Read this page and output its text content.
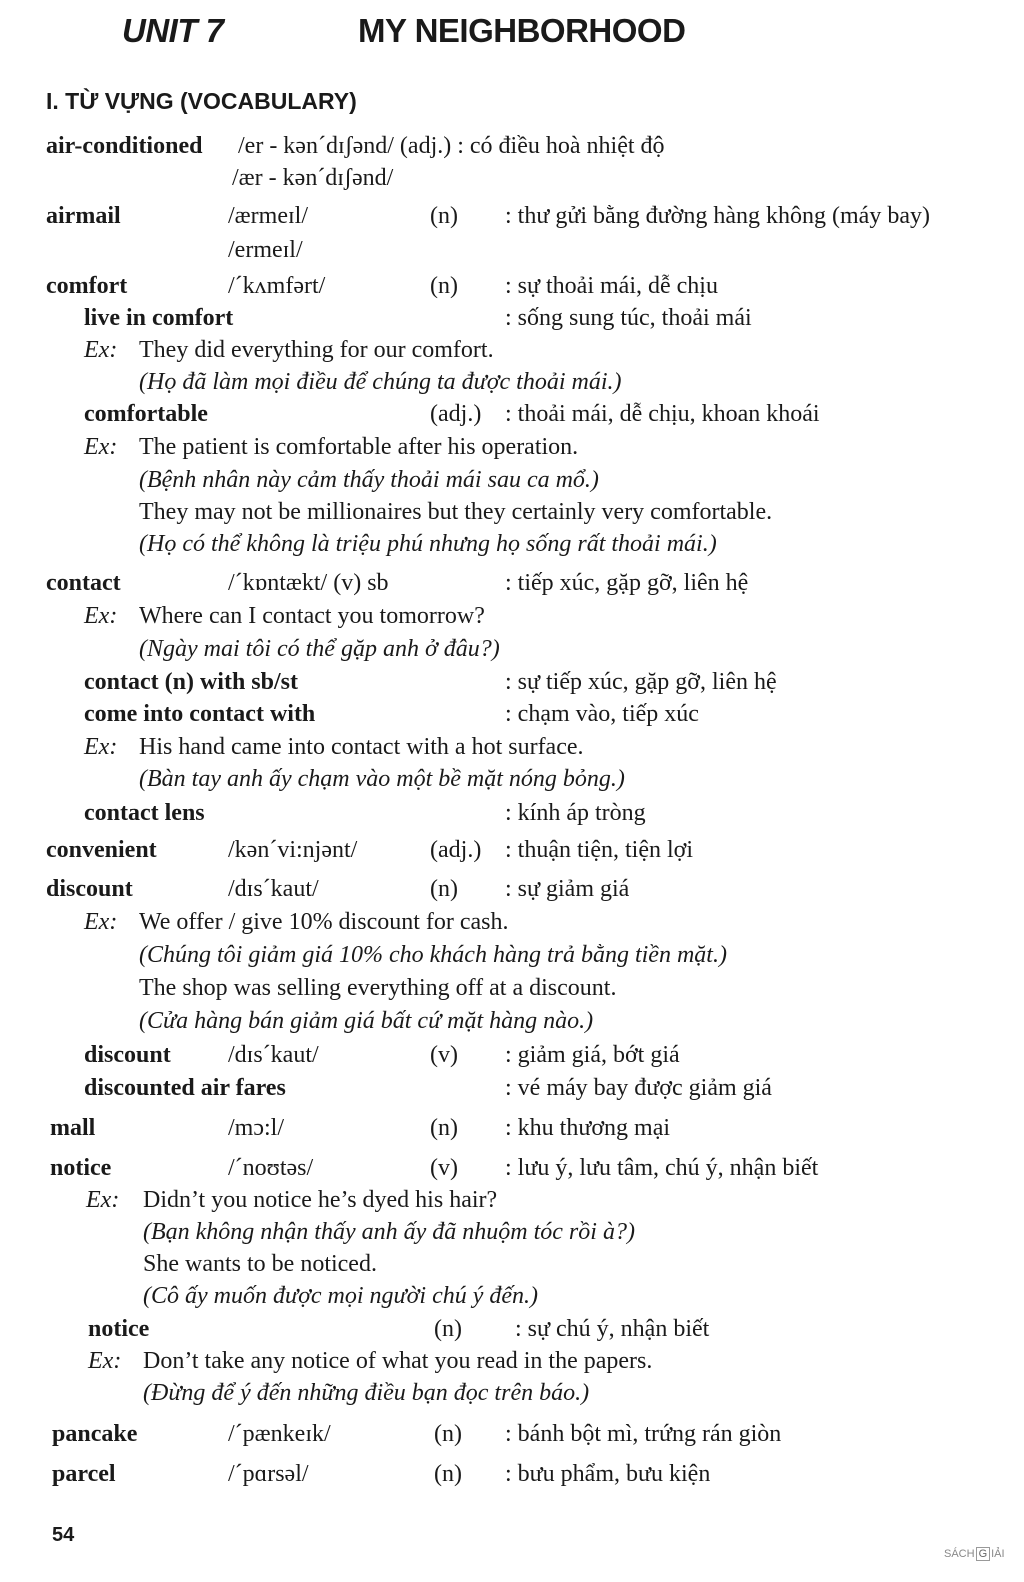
UNIT 7	MY NEIGHBORHOOD
I. TỪ VỰNG (VOCABULARY)
air-conditioned /er - kən´dɪʃənd/ (adj.) : có điều hoà nhiệt độ
/ær - kən´dɪʃənd/
airmail	/ærmeɪl/	(n) : thư gửi bằng đường hàng không (máy bay)
/ermeɪl/
comfort	/´kʌmfərt/	(n) : sự thoải mái, dễ chịu
live in comfort	: sống sung túc, thoải mái
Ex: They did everything for our comfort.
(Họ đã làm mọi điều để chúng ta được thoải mái.)
comfortable	(adj.) : thoải mái, dễ chịu, khoan khoái
Ex: The patient is comfortable after his operation.
(Bệnh nhân này cảm thấy thoải mái sau ca mổ.)
They may not be millionaires but they certainly very comfortable.
(Họ có thể không là triệu phú nhưng họ sống rất thoải mái.)
contact	/´kɒntækt/ (v) sb	: tiếp xúc, gặp gỡ, liên hệ
Ex: Where can I contact you tomorrow?
(Ngày mai tôi có thể gặp anh ở đâu?)
contact (n) with sb/st	: sự tiếp xúc, gặp gỡ, liên hệ
come into contact with	: chạm vào, tiếp xúc
Ex: His hand came into contact with a hot surface.
(Bàn tay anh ấy chạm vào một bề mặt nóng bỏng.)
contact lens	: kính áp tròng
convenient	/kən´vi:njənt/	(adj.) : thuận tiện, tiện lợi
discount	/dɪs´kaut/	(n) : sự giảm giá
Ex: We offer / give 10% discount for cash.
(Chúng tôi giảm giá 10% cho khách hàng trả bằng tiền mặt.)
The shop was selling everything off at a discount.
(Cửa hàng bán giảm giá bất cứ mặt hàng nào.)
discount /dɪs´kaut/	(v) : giảm giá, bớt giá
discounted air fares	: vé máy bay được giảm giá
mall	/mɔ:l/	(n) : khu thương mại
notice	/´noʊtəs/	(v) : lưu ý, lưu tâm, chú ý, nhận biết
Ex: Didn’t you notice he’s dyed his hair?
(Bạn không nhận thấy anh ấy đã nhuộm tóc rồi à?)
She wants to be noticed.
(Cô ấy muốn được mọi người chú ý đến.)
notice	(n) : sự chú ý, nhận biết
Ex: Don’t take any notice of what you read in the papers.
(Đừng để ý đến những điều bạn đọc trên báo.)
pancake	/´pænkeɪk/	(n) : bánh bột mì, trứng rán giòn
parcel	/´pɑrsəl/	(n) : bưu phẩm, bưu kiện
54
SÁCH G IẢI
